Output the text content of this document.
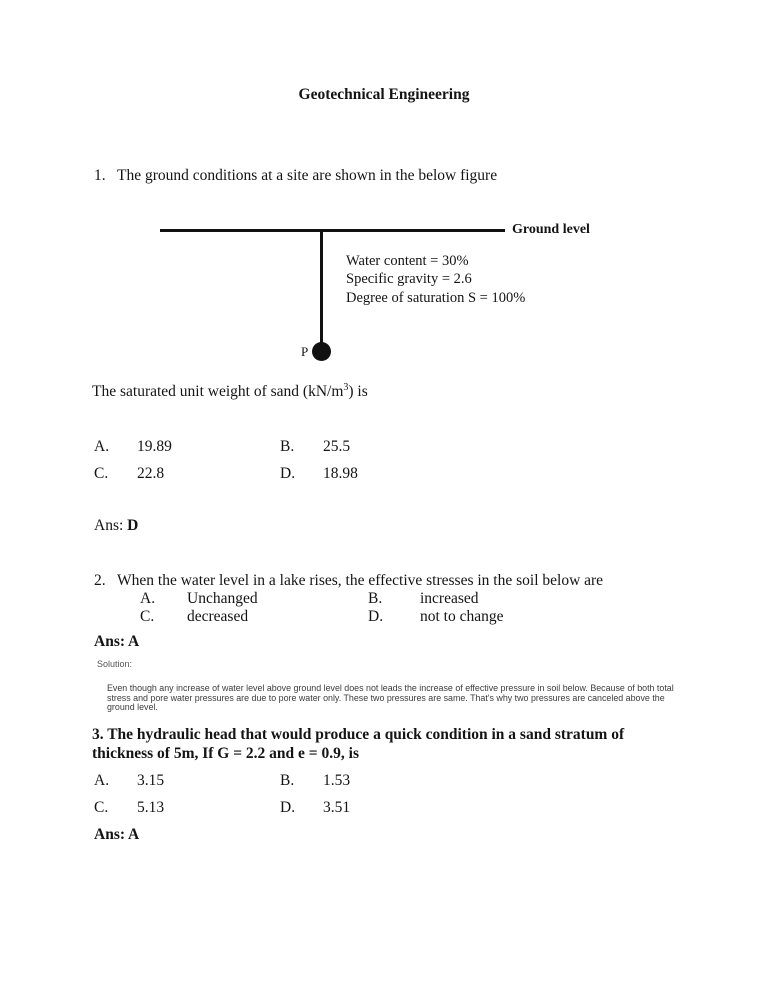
Geotechnical Engineering
1. The ground conditions at a site are shown in the below figure
P
Ground level
Water content = 30%
Specific gravity = 2.6
Degree of saturation S = 100%
The saturated unit weight of sand $(kN/m^3)$ is
A. 19.89	B. 25.5
C. 22.8	D. 18.98
Ans: D
2. When the water level in a lake rises, the effective stresses in the soil below are
A. Unchanged	B. increased
C. decreased	D. not to change
Ans: A
Solution:
Even though any increase of water level above ground level does not leads the increase of effective pressure in soil below. Because of both total
stress and pore water pressures are due to pore water only. These two pressures are same. That's why two pressures are canceled above the
ground level.
3. The hydraulic head that would produce a quick condition in a sand stratum of
thickness of 5m, If G = 2.2 and e = 0.9, is
A. 3.15	B. 1.53
C. 5.13	D. 3.51
Ans: A
